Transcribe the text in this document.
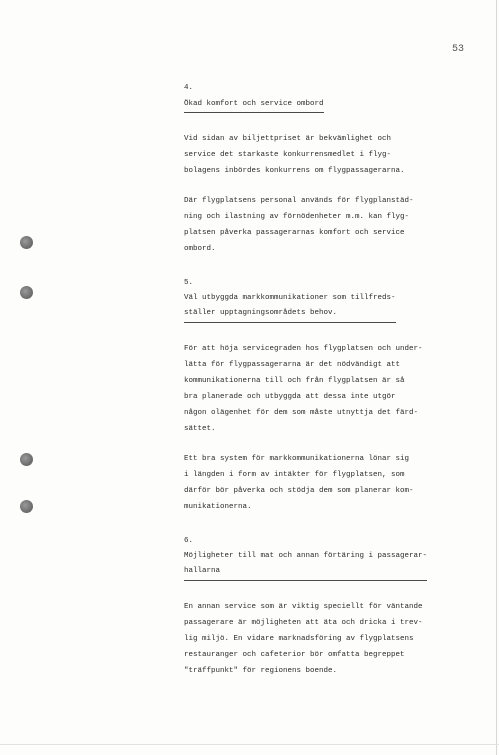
53

4.

Ökad komfort och service ombord

Vid sidan av biljettpriset är bekvämlighet och
service det starkaste konkurrensmedlet i flyg-
bolagens inbördes konkurrens om flygpassagerarna.

Där flygplatsens personal används för flygplanstäd-
ning och ilastning av förnödenheter m.m. kan flyg-
platsen påverka passagerarnas komfort och service
ombord.

5.

Väl utbyggda markkommunikationer som tillfreds-
ställer upptagningsområdets behov.

För att höja servicegraden hos flygplatsen och under-
lätta för flygpassagerarna är det nödvändigt att
kommunikationerna till och från flygplatsen är så
bra planerade och utbyggda att dessa inte utgör
någon olägenhet för dem som måste utnyttja det färd-
sättet.

Ett bra system för markkommunikationerna lönar sig
i längden i form av intäkter för flygplatsen, som
därför bör påverka och stödja dem som planerar kom-
munikationerna.

6.

Möjligheter till mat och annan förtäring i passagerar-
hallarna

En annan service som är viktig speciellt för väntande
passagerare är möjligheten att äta och dricka i trev-
lig miljö. En vidare marknadsföring av flygplatsens
restauranger och cafeterior bör omfatta begreppet
"träffpunkt" för regionens boende.
